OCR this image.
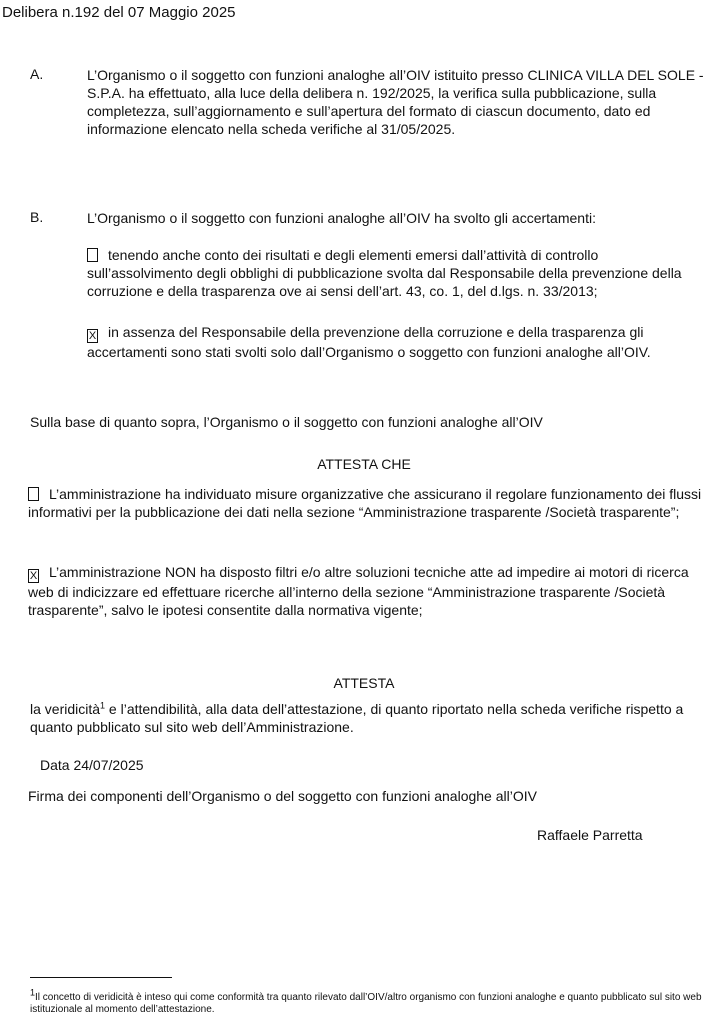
Delibera n.192 del 07 Maggio 2025
A.	L’Organismo o il soggetto con funzioni analoghe all’OIV istituito presso CLINICA VILLA DEL SOLE - S.P.A. ha effettuato, alla luce della delibera n. 192/2025, la verifica sulla pubblicazione, sulla completezza, sull’aggiornamento e sull’apertura del formato di ciascun documento, dato ed informazione elencato nella scheda verifiche al 31/05/2025.
B.	L’Organismo o il soggetto con funzioni analoghe all’OIV ha svolto gli accertamenti:
tenendo anche conto dei risultati e degli elementi emersi dall’attività di controllo sull’assolvimento degli obblighi di pubblicazione svolta dal Responsabile della prevenzione della corruzione e della trasparenza ove ai sensi dell’art. 43, co. 1, del d.lgs. n. 33/2013;
X in assenza del Responsabile della prevenzione della corruzione e della trasparenza gli accertamenti sono stati svolti solo dall’Organismo o soggetto con funzioni analoghe all’OIV.
Sulla base di quanto sopra, l’Organismo o il soggetto con funzioni analoghe all’OIV
ATTESTA CHE
L’amministrazione ha individuato misure organizzative che assicurano il regolare funzionamento dei flussi informativi per la pubblicazione dei dati nella sezione “Amministrazione trasparente /Società trasparente”;
X L’amministrazione NON ha disposto filtri e/o altre soluzioni tecniche atte ad impedire ai motori di ricerca web di indicizzare ed effettuare ricerche all’interno della sezione “Amministrazione trasparente /Società trasparente”, salvo le ipotesi consentite dalla normativa vigente;
ATTESTA
la veridicità$^1$ e l’attendibilità, alla data dell’attestazione, di quanto riportato nella scheda verifiche rispetto a quanto pubblicato sul sito web dell’Amministrazione.
Data 24/07/2025
Firma dei componenti dell’Organismo o del soggetto con funzioni analoghe all’OIV
Raffaele Parretta
$^1$Il concetto di veridicità è inteso qui come conformità tra quanto rilevato dall’OIV/altro organismo con funzioni analoghe e quanto pubblicato sul sito web istituzionale al momento dell’attestazione.
